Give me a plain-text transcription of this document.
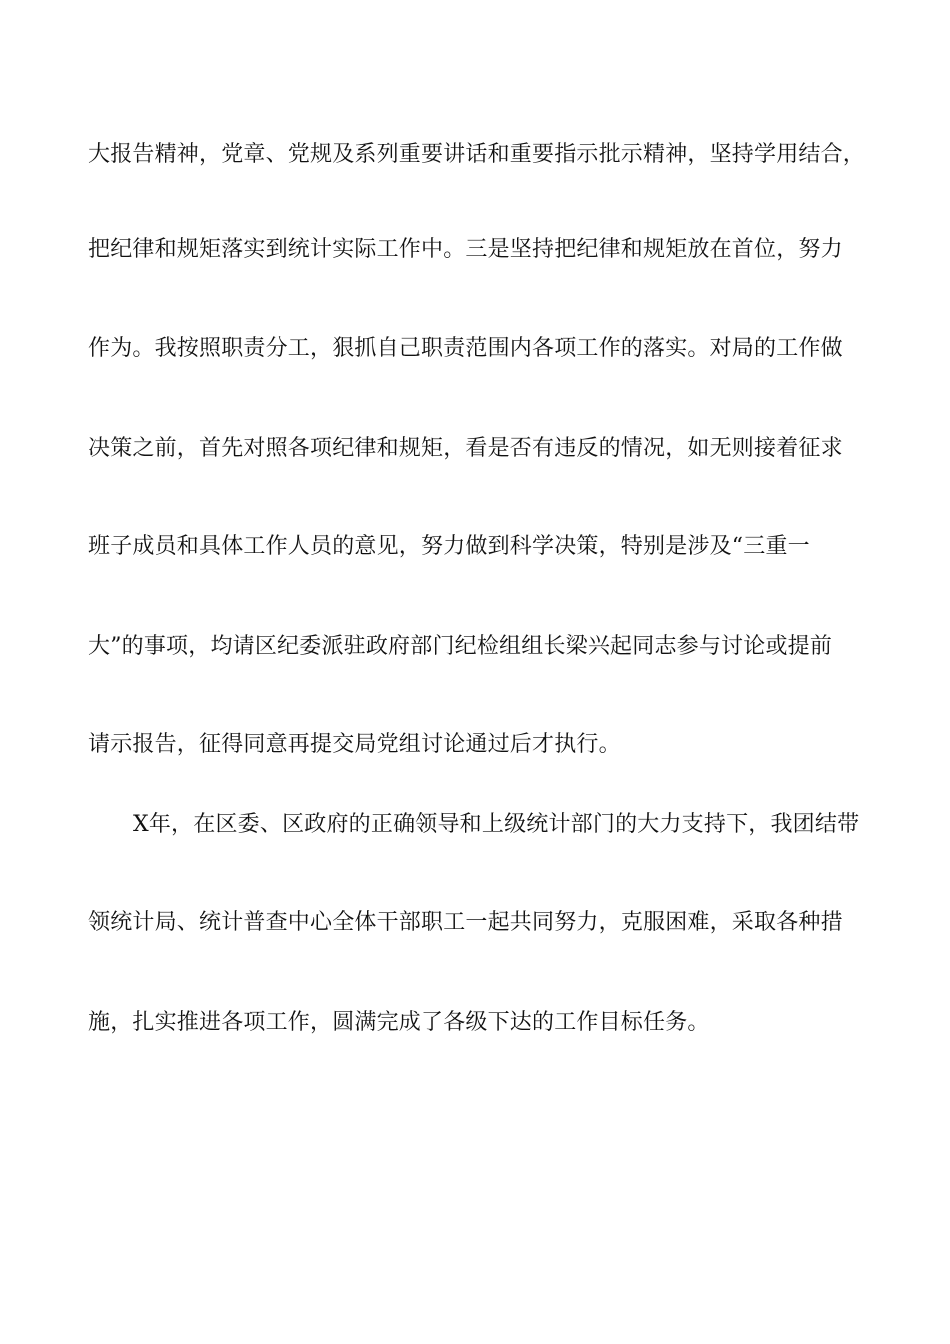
大报告精神，党章、党规及系列重要讲话和重要指示批示精神，坚持学用结合，
把纪律和规矩落实到统计实际工作中。三是坚持把纪律和规矩放在首位，努力
作为。我按照职责分工，狠抓自己职责范围内各项工作的落实。对局的工作做
决策之前，首先对照各项纪律和规矩，看是否有违反的情况，如无则接着征求
班子成员和具体工作人员的意见，努力做到科学决策，特别是涉及“三重一
大”的事项，均请区纪委派驻政府部门纪检组组长梁兴起同志参与讨论或提前
请示报告，征得同意再提交局党组讨论通过后才执行。
X年，在区委、区政府的正确领导和上级统计部门的大力支持下，我团结带
领统计局、统计普查中心全体干部职工一起共同努力，克服困难，采取各种措
施，扎实推进各项工作，圆满完成了各级下达的工作目标任务。
